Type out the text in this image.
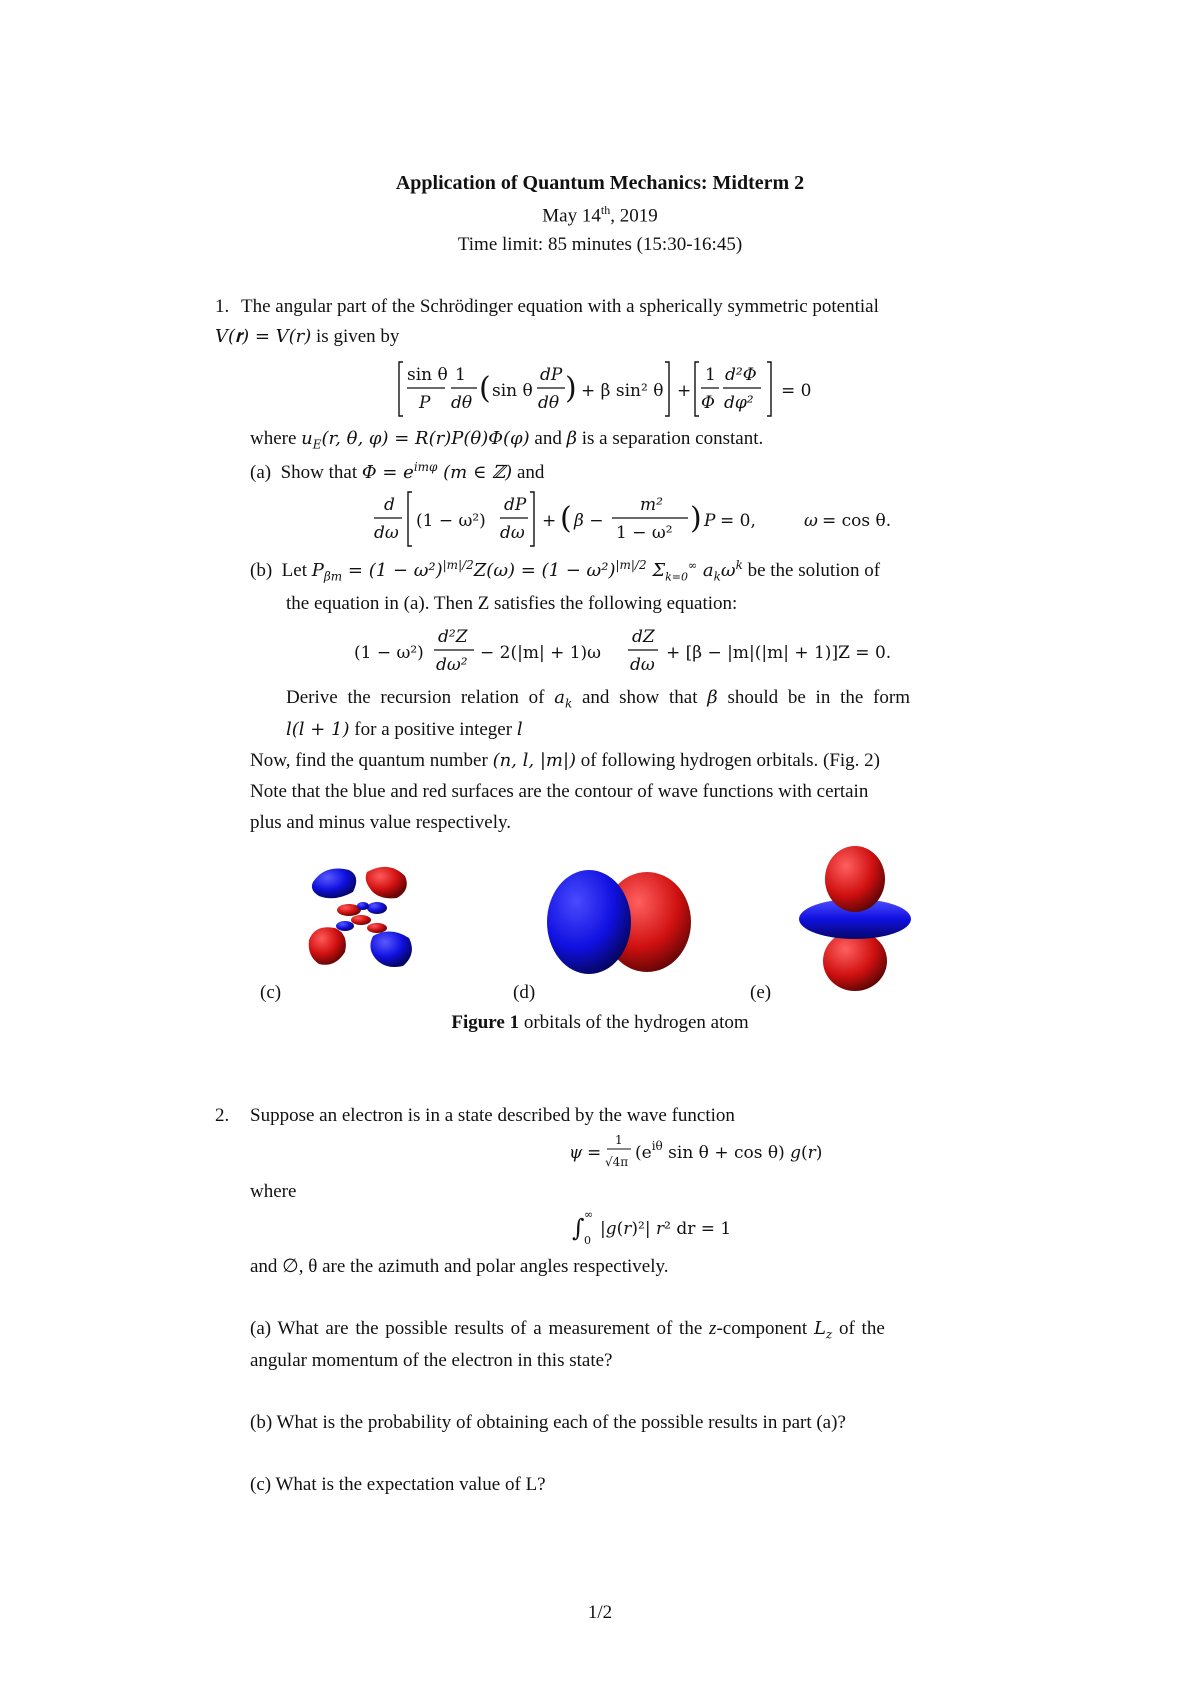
Application of Quantum Mechanics: Midterm 2
May 14th, 2019
Time limit: 85 minutes (15:30-16:45)
1. The angular part of the Schrödinger equation with a spherically symmetric potential
V(𝐫) = V(r) is given by
sin θ
P
1
dθ ( sin θ
dP
dθ ) + β sin² θ +
1
Φ
d²Φ
dφ²
= 0
where $u_E(r$, θ, φ) = R(r)P(θ)Φ(φ) and β is a separation constant.
(a)  Show that $\Phi = e^{im\varphi}$ (m ∈ ℤ) and
d
dω
(1 − ω²)
dP
dω
+ ( β −
m²
1 − ω² ) P = 0,	ω = cos θ.
(b)  Let $P_{\beta m} = (1 - \omega^2)^{|m|/2}Z(\omega) = (1 - \omega^2)^{|m|/2}$ $\Sigma_{k=0}^\infty$ $a_k\omega^k$ be the solution of
the equation in (a). Then Z satisfies the following equation:
(1 − ω²)
d²Z
dω²
− 2(|m| + 1)ω
dZ
dω
+ [β − |m|(|m| + 1)]Z = 0.
Derive the recursion relation of $a_k$ and show that β should be in the form
l(l + 1) for a positive integer l
Now, find the quantum number (n, l, |m|) of following hydrogen orbitals. (Fig. 2)
Note that the blue and red surfaces are the contour of wave functions with certain
plus and minus value respectively.
(c)	(d)	(e)
Figure 1 orbitals of the hydrogen atom
2. Suppose an electron is in a state described by the wave function
ψ =
1
√4π ($e^{i\theta}$ sin θ + cos θ) g(r)
where
∫ ∞
0
|g(r)²| r² dr = 1
and ∅, θ are the azimuth and polar angles respectively.
(a) What are the possible results of a measurement of the z-component $L_z$ of the
angular momentum of the electron in this state?
(b) What is the probability of obtaining each of the possible results in part (a)?
(c) What is the expectation value of L?
1/2
